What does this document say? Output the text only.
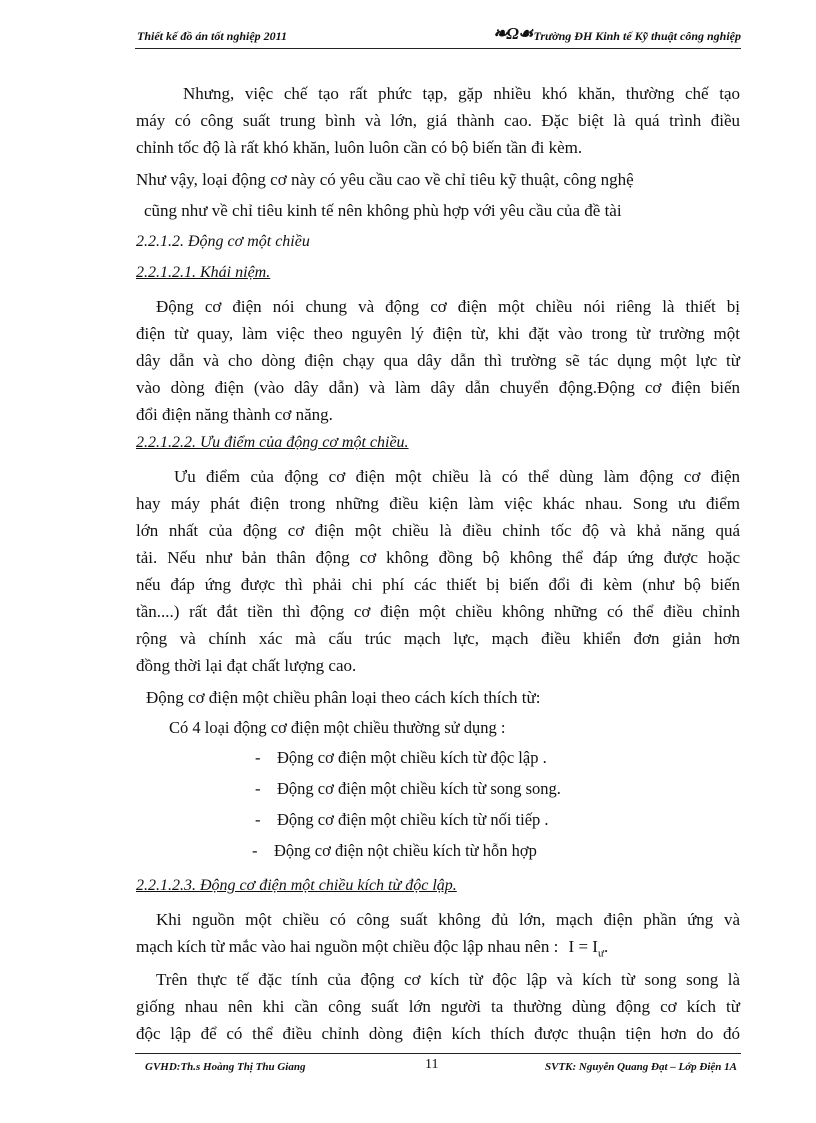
Thiết kế đồ án tốt nghiệp 2011	❧Ω☙ Trường ĐH Kinh tế Kỹ thuật công nghiệp
Nhưng, việc chế tạo rất phức tạp, gặp nhiều khó khăn, thường chế tạo
máy có công suất trung bình và lớn, giá thành cao. Đặc biệt là quá trình điều
chỉnh tốc độ là rất khó khăn, luôn luôn cần có bộ biến tần đi kèm.
Như vậy, loại động cơ này có yêu cầu cao về chỉ tiêu kỹ thuật, công nghệ
cũng như về chỉ tiêu kinh tế nên không phù hợp với yêu cầu của đề tài
2.2.1.2. Động cơ một chiều
2.2.1.2.1. Khái niệm.
Động cơ điện nói chung và động cơ điện một chiều nói riêng là thiết bị
điện từ quay, làm việc theo nguyên lý điện từ, khi đặt vào trong từ trường một
dây dẫn và cho dòng điện chạy qua dây dẫn thì trường sẽ tác dụng một lực từ
vào dòng điện (vào dây dẫn) và làm dây dẫn chuyển động.Động cơ điện biến
đổi điện năng thành cơ năng.
2.2.1.2.2. Ưu điểm của động cơ một chiều.
Ưu điểm của động cơ điện một chiều là có thể dùng làm động cơ điện
hay máy phát điện trong những điều kiện làm việc khác nhau. Song ưu điểm
lớn nhất của động cơ điện một chiều là điều chỉnh tốc độ và khả năng quá
tải. Nếu như bản thân động cơ không đồng bộ không thể đáp ứng được hoặc
nếu đáp ứng được thì phải chi phí các thiết bị biến đổi đi kèm (như bộ biến
tần....) rất đắt tiền thì động cơ điện một chiều không những có thể điều chỉnh
rộng và chính xác mà cấu trúc mạch lực, mạch điều khiển đơn giản hơn
đồng thời lại đạt chất lượng cao.
Động cơ điện một chiều phân loại theo cách kích thích từ:
Có 4 loại động cơ điện một chiều thường sử dụng :
- Động cơ điện một chiều kích từ độc lập .
- Động cơ điện một chiều kích từ song song.
- Động cơ điện một chiều kích từ nối tiếp .
- Động cơ điện nột chiều kích từ hỗn hợp
2.2.1.2.3. Động cơ điện một chiều kích từ độc lập.
Khi nguồn một chiều có công suất không đủ lớn, mạch điện phần ứng và
mạch kích từ mắc vào hai nguồn một chiều độc lập nhau nên : $I = I_ư$.
Trên thực tế đặc tính của động cơ kích từ độc lập và kích từ song song là
giống nhau nên khi cần công suất lớn người ta thường dùng động cơ kích từ
độc lập để có thể điều chỉnh dòng điện kích thích được thuận tiện hơn do đó
GVHD:Th.s Hoàng Thị Thu Giang	11	SVTK: Nguyễn Quang Đạt – Lớp Điện 1A
